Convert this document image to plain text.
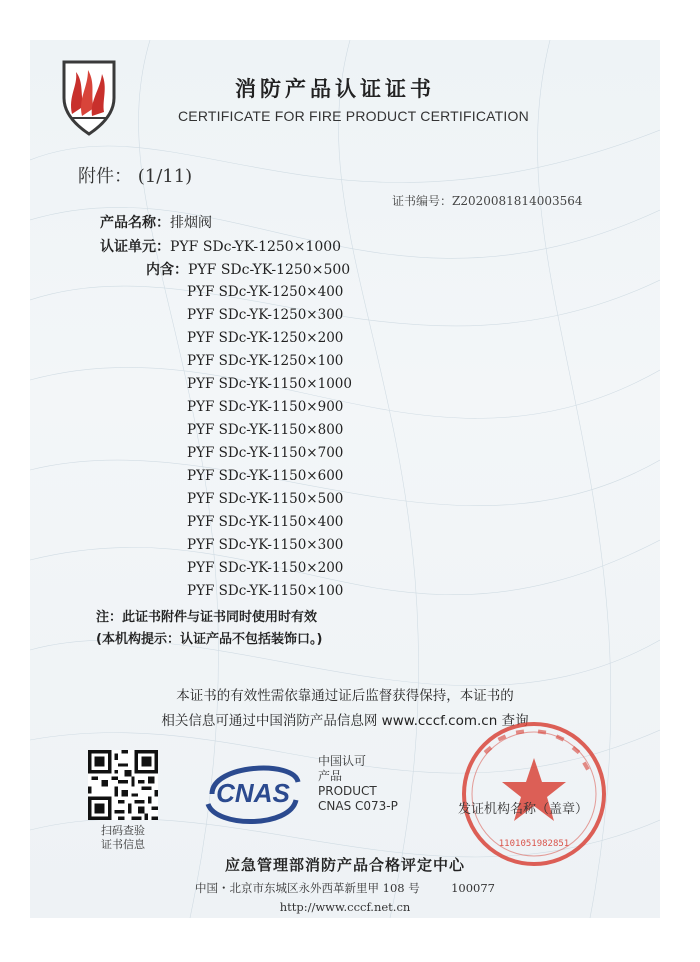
消防产品认证证书
CERTIFICATE FOR FIRE PRODUCT CERTIFICATION
附件： (1/11)
证书编号：Z2020081814003564
产品名称：排烟阀
认证单元：PYF SDc-YK-1250×1000
内含：PYF SDc-YK-1250×500
PYF SDc-YK-1250×400
PYF SDc-YK-1250×300
PYF SDc-YK-1250×200
PYF SDc-YK-1250×100
PYF SDc-YK-1150×1000
PYF SDc-YK-1150×900
PYF SDc-YK-1150×800
PYF SDc-YK-1150×700
PYF SDc-YK-1150×600
PYF SDc-YK-1150×500
PYF SDc-YK-1150×400
PYF SDc-YK-1150×300
PYF SDc-YK-1150×200
PYF SDc-YK-1150×100
注：此证书附件与证书同时使用时有效
(本机构提示：认证产品不包括装饰口。)
本证书的有效性需依靠通过证后监督获得保持，本证书的
相关信息可通过中国消防产品信息网 www.cccf.com.cn 查询
扫码查验
证书信息
CNAS
中国认可
产品
PRODUCT
CNAS C073-P
1101051982851
发证机构名称（盖章）
应急管理部消防产品合格评定中心
中国・北京市东城区永外西革新里甲 108 号	100077
http://www.cccf.net.cn
